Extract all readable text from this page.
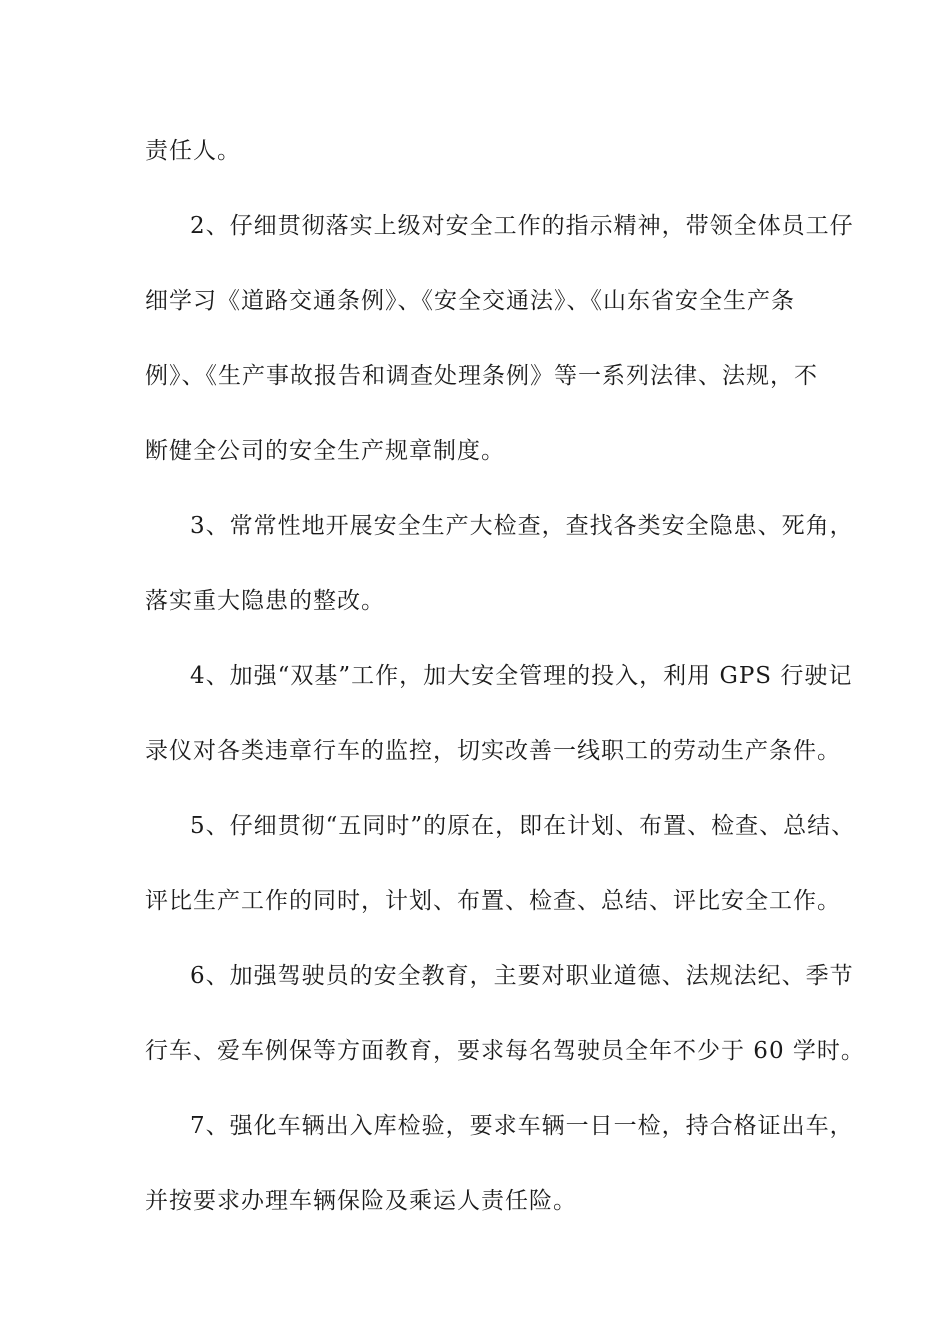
责任人。
2、仔细贯彻落实上级对安全工作的指示精神，带领全体员工仔
细学习《道路交通条例》、《安全交通法》、《山东省安全生产条
例》、《生产事故报告和调查处理条例》等一系列法律、法规，不
断健全公司的安全生产规章制度。
3、常常性地开展安全生产大检查，查找各类安全隐患、死角，
落实重大隐患的整改。
4、加强“双基”工作，加大安全管理的投入，利用 GPS 行驶记
录仪对各类违章行车的监控，切实改善一线职工的劳动生产条件。
5、仔细贯彻“五同时”的原在，即在计划、布置、检查、总结、
评比生产工作的同时，计划、布置、检查、总结、评比安全工作。
6、加强驾驶员的安全教育，主要对职业道德、法规法纪、季节
行车、爱车例保等方面教育，要求每名驾驶员全年不少于 60 学时。
7、强化车辆出入库检验，要求车辆一日一检，持合格证出车，
并按要求办理车辆保险及乘运人责任险。
